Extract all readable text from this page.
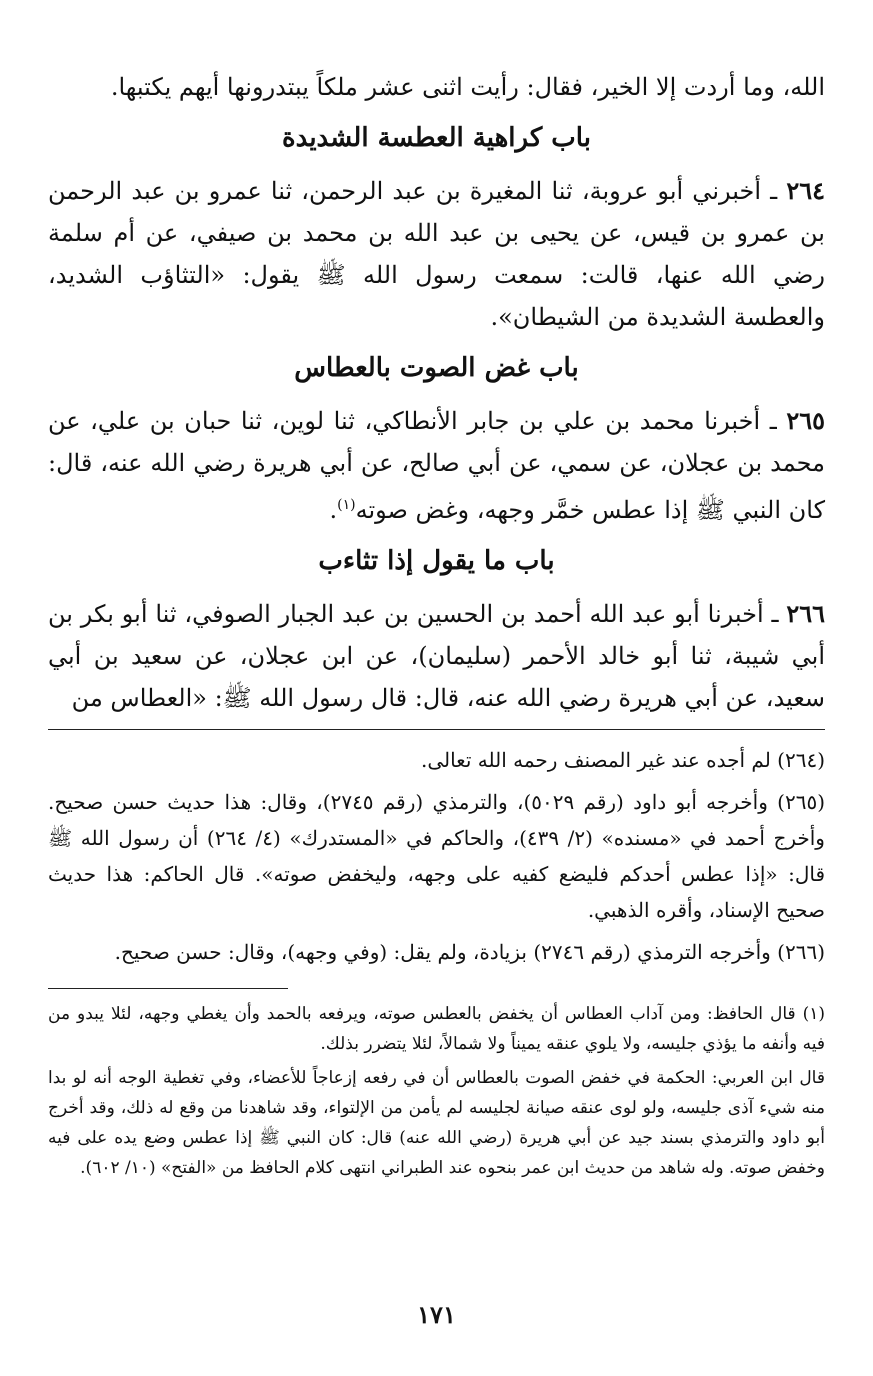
الله، وما أردت إلا الخير، فقال: رأيت اثنى عشر ملكاً يبتدرونها أيهم يكتبها.

باب كراهية العطسة الشديدة

٢٦٤ ـ أخبرني أبو عروبة، ثنا المغيرة بن عبد الرحمن، ثنا عمرو بن عبد الرحمن بن عمرو بن قيس، عن يحيى بن عبد الله بن محمد بن صيفي، عن أم سلمة رضي الله عنها، قالت: سمعت رسول الله ﷺ يقول: «التثاؤب الشديد، والعطسة الشديدة من الشيطان».

باب غض الصوت بالعطاس

٢٦٥ ـ أخبرنا محمد بن علي بن جابر الأنطاكي، ثنا لوين، ثنا حبان بن علي، عن محمد بن عجلان، عن سمي، عن أبي صالح، عن أبي هريرة رضي الله عنه، قال: كان النبي ﷺ إذا عطس خمَّر وجهه، وغض صوته$^{(١)}$.

باب ما يقول إذا تثاءب

٢٦٦ ـ أخبرنا أبو عبد الله أحمد بن الحسين بن عبد الجبار الصوفي، ثنا أبو بكر بن أبي شيبة، ثنا أبو خالد الأحمر (سليمان)، عن ابن عجلان، عن سعيد بن أبي سعيد، عن أبي هريرة رضي الله عنه، قال: قال رسول الله ﷺ: «العطاس من

(٢٦٤) لم أجده عند غير المصنف رحمه الله تعالى.

(٢٦٥) وأخرجه أبو داود (رقم ٥٠٢٩)، والترمذي (رقم ٢٧٤٥)، وقال: هذا حديث حسن صحيح. وأخرج أحمد في «مسنده» (٢/ ٤٣٩)، والحاكم في «المستدرك» (٤/ ٢٦٤) أن رسول الله ﷺ قال: «إذا عطس أحدكم فليضع كفيه على وجهه، وليخفض صوته». قال الحاكم: هذا حديث صحيح الإسناد، وأقره الذهبي.

(٢٦٦) وأخرجه الترمذي (رقم ٢٧٤٦) بزيادة، ولم يقل: (وفي وجهه)، وقال: حسن صحيح.

(١) قال الحافظ: ومن آداب العطاس أن يخفض بالعطس صوته، ويرفعه بالحمد وأن يغطي وجهه، لئلا يبدو من فيه وأنفه ما يؤذي جليسه، ولا يلوي عنقه يميناً ولا شمالاً، لئلا يتضرر بذلك.

قال ابن العربي: الحكمة في خفض الصوت بالعطاس أن في رفعه إزعاجاً للأعضاء، وفي تغطية الوجه أنه لو بدا منه شيء آذى جليسه، ولو لوى عنقه صيانة لجليسه لم يأمن من الإلتواء، وقد شاهدنا من وقع له ذلك، وقد أخرج أبو داود والترمذي بسند جيد عن أبي هريرة (رضي الله عنه) قال: كان النبي ﷺ إذا عطس وضع يده على فيه وخفض صوته. وله شاهد من حديث ابن عمر بنحوه عند الطبراني انتهى كلام الحافظ من «الفتح» (١٠/ ٦٠٢).

١٧١
